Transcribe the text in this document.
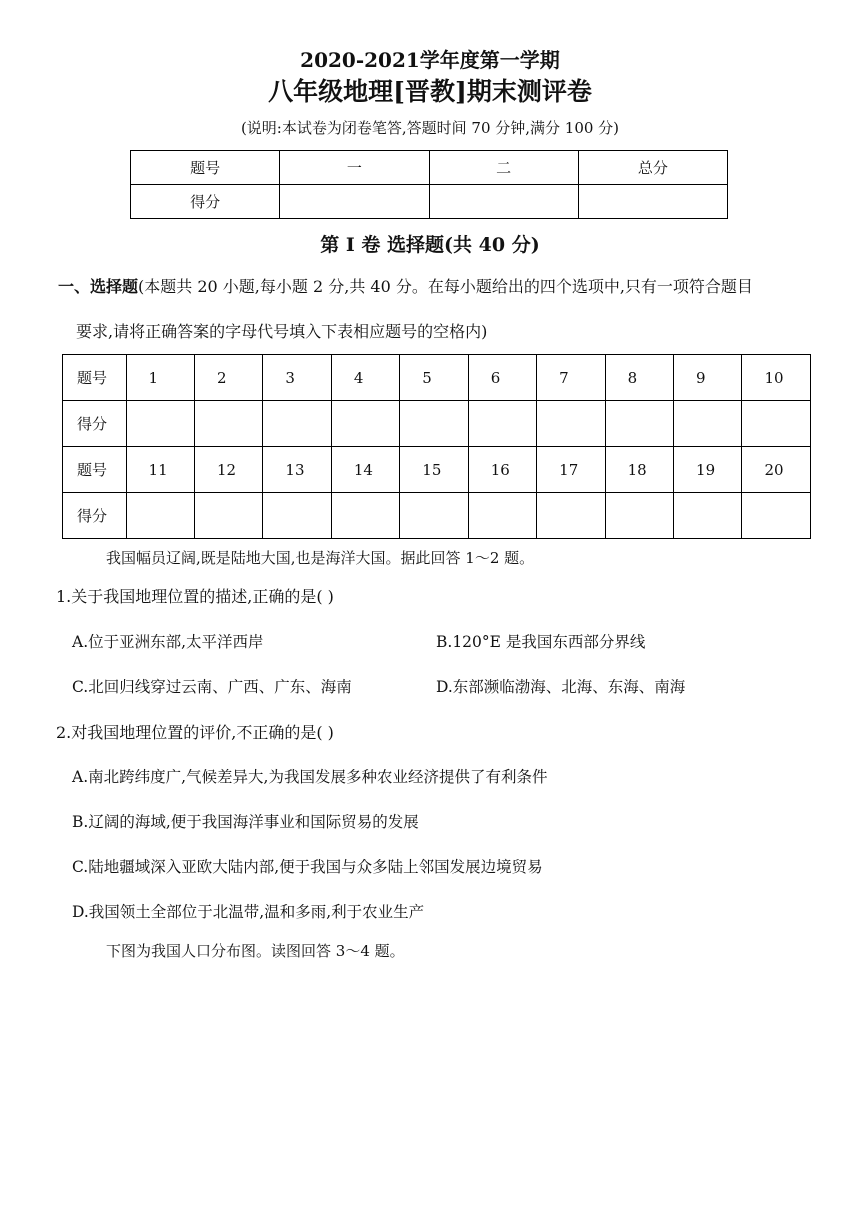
2020-2021学年度第一学期
八年级地理[晋教]期末测评卷
(说明:本试卷为闭卷笔答,答题时间 70 分钟,满分 100 分)
题号	一	二	总分
得分			
第 I 卷 选择题(共 40 分)
一、选择题(本题共 20 小题,每小题 2 分,共 40 分。在每小题给出的四个选项中,只有一项符合题目
要求,请将正确答案的字母代号填入下表相应题号的空格内)
题号	1	2	3	4	5	6	7	8	9	10
得分										
题号	11	12	13	14	15	16	17	18	19	20
得分										
我国幅员辽阔,既是陆地大国,也是海洋大国。据此回答 1～2 题。
1.关于我国地理位置的描述,正确的是( )
A.位于亚洲东部,太平洋西岸	B.120°E 是我国东西部分界线
C.北回归线穿过云南、广西、广东、海南	D.东部濒临渤海、北海、东海、南海
2.对我国地理位置的评价,不正确的是( )
A.南北跨纬度广,气候差异大,为我国发展多种农业经济提供了有利条件
B.辽阔的海域,便于我国海洋事业和国际贸易的发展
C.陆地疆域深入亚欧大陆内部,便于我国与众多陆上邻国发展边境贸易
D.我国领土全部位于北温带,温和多雨,利于农业生产
下图为我国人口分布图。读图回答 3～4 题。
